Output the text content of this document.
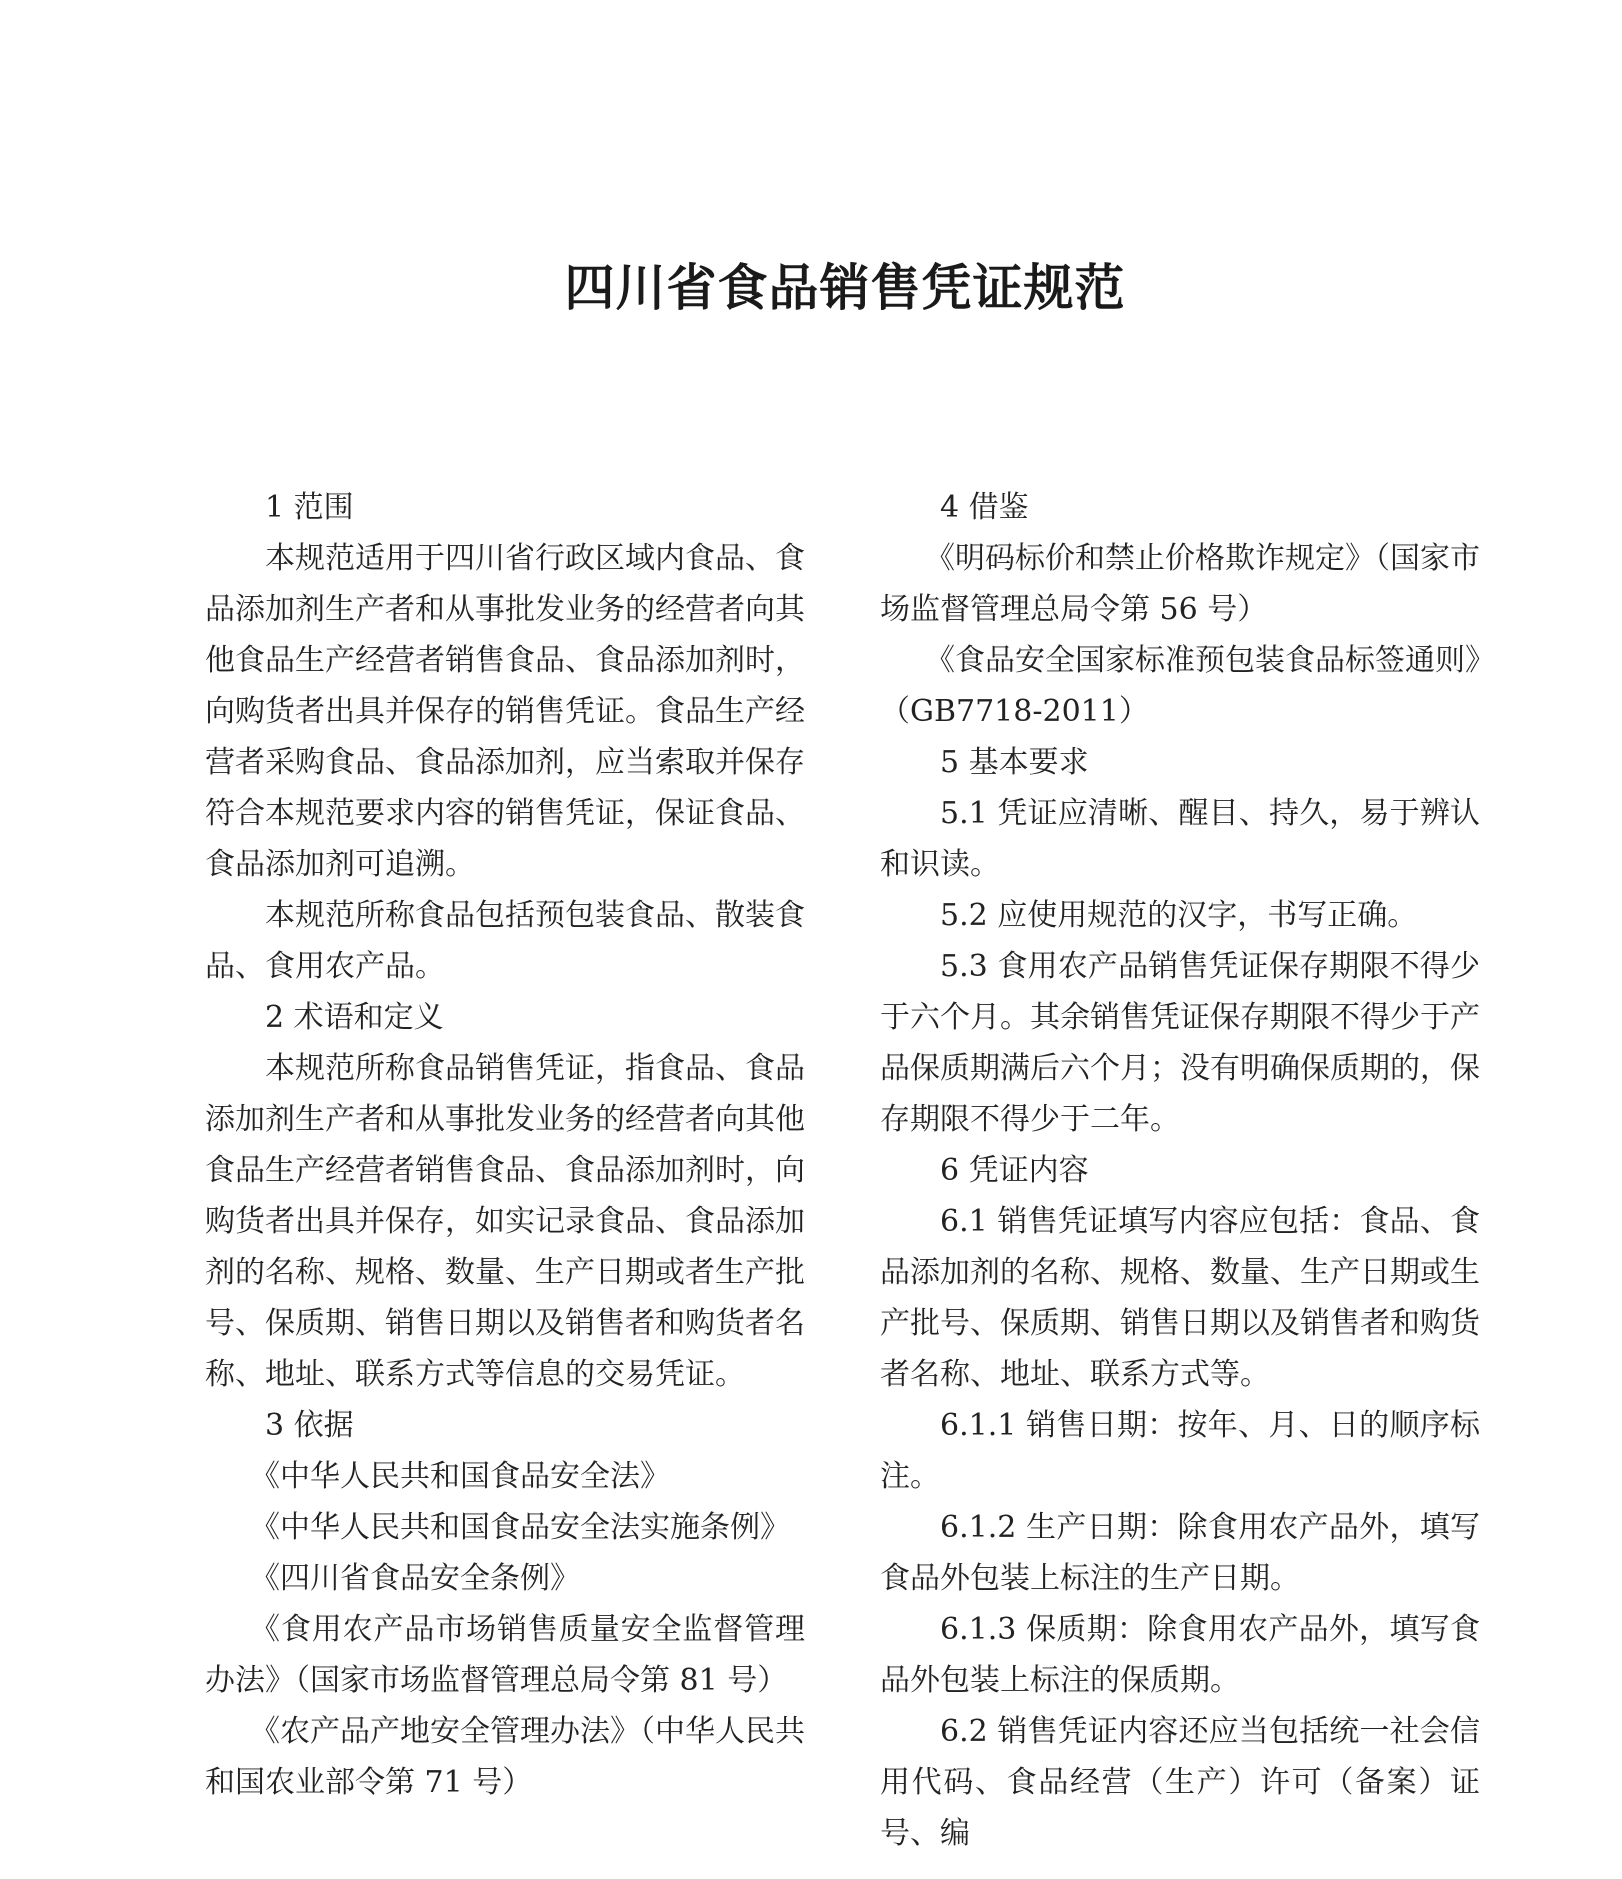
四川省食品销售凭证规范

1 范围

本规范适用于四川省行政区域内食品、食品添加剂生产者和从事批发业务的经营者向其他食品生产经营者销售食品、食品添加剂时，向购货者出具并保存的销售凭证。食品生产经营者采购食品、食品添加剂，应当索取并保存符合本规范要求内容的销售凭证，保证食品、食品添加剂可追溯。

本规范所称食品包括预包装食品、散装食品、食用农产品。

2 术语和定义

本规范所称食品销售凭证，指食品、食品添加剂生产者和从事批发业务的经营者向其他食品生产经营者销售食品、食品添加剂时，向购货者出具并保存，如实记录食品、食品添加剂的名称、规格、数量、生产日期或者生产批号、保质期、销售日期以及销售者和购货者名称、地址、联系方式等信息的交易凭证。

3 依据

《中华人民共和国食品安全法》

《中华人民共和国食品安全法实施条例》

《四川省食品安全条例》

《食用农产品市场销售质量安全监督管理办法》（国家市场监督管理总局令第 81 号）

《农产品产地安全管理办法》（中华人民共和国农业部令第 71 号）

4 借鉴

《明码标价和禁止价格欺诈规定》（国家市场监督管理总局令第 56 号）

《食品安全国家标准预包装食品标签通则》（GB7718-2011）

5 基本要求

5.1 凭证应清晰、醒目、持久，易于辨认和识读。

5.2 应使用规范的汉字，书写正确。

5.3 食用农产品销售凭证保存期限不得少于六个月。其余销售凭证保存期限不得少于产品保质期满后六个月；没有明确保质期的，保存期限不得少于二年。

6 凭证内容

6.1 销售凭证填写内容应包括：食品、食品添加剂的名称、规格、数量、生产日期或生产批号、保质期、销售日期以及销售者和购货者名称、地址、联系方式等。

6.1.1 销售日期：按年、月、日的顺序标注。

6.1.2 生产日期：除食用农产品外，填写食品外包装上标注的生产日期。

6.1.3 保质期：除食用农产品外，填写食品外包装上标注的保质期。

6.2 销售凭证内容还应当包括统一社会信用代码、食品经营（生产）许可（备案）证号、编
